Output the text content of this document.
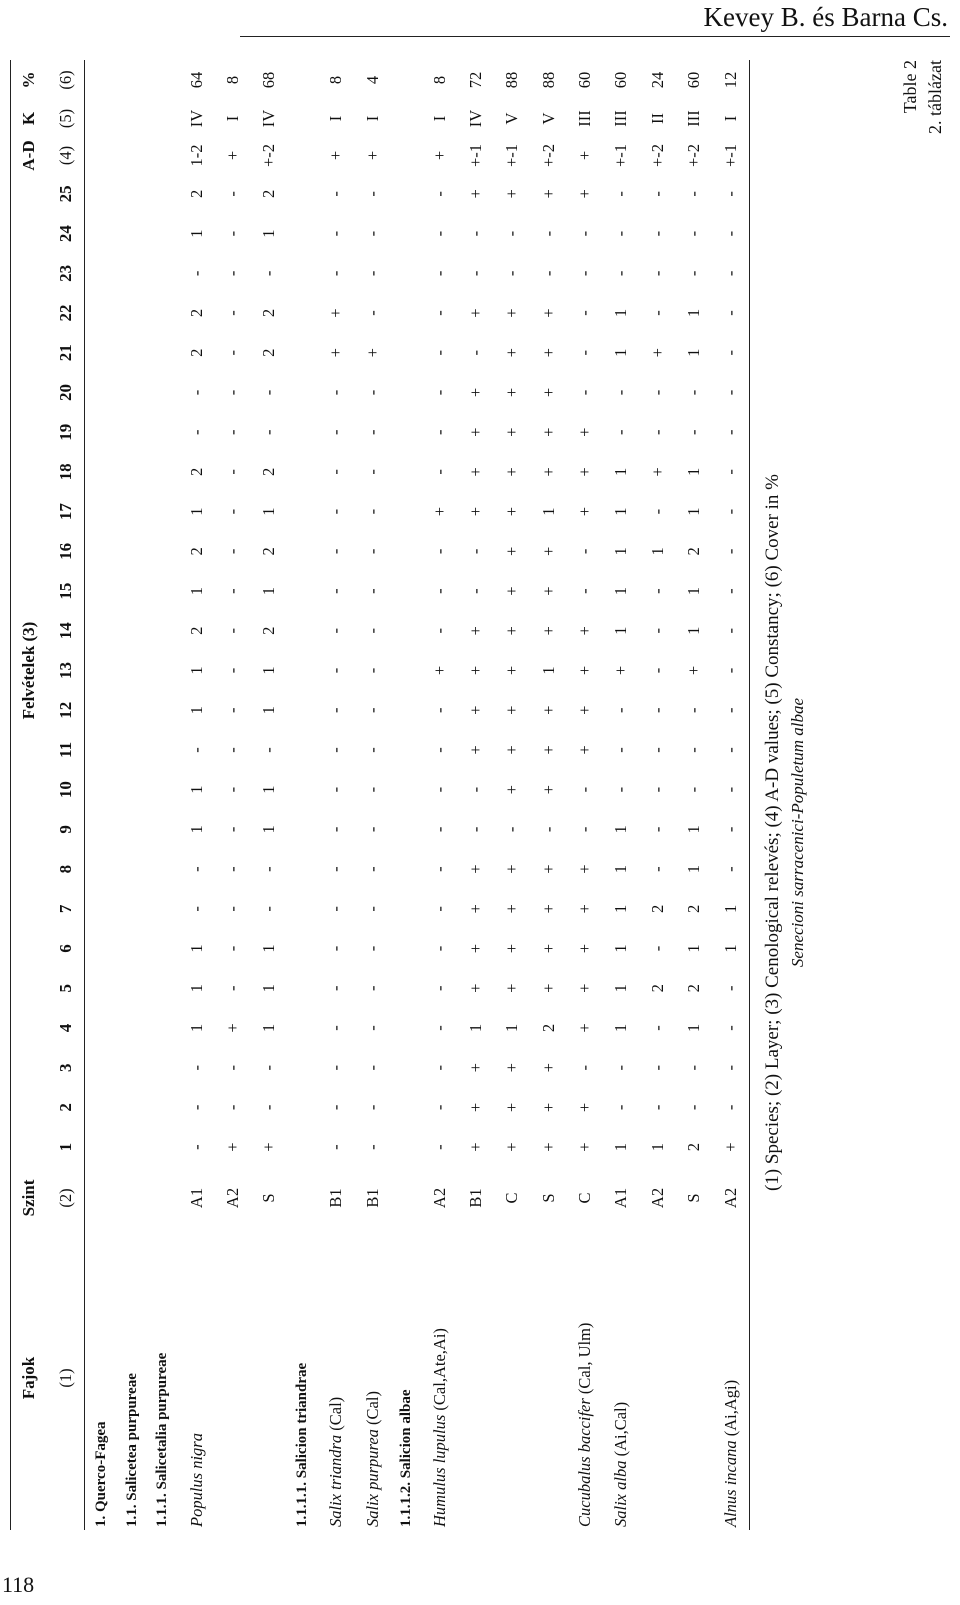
Kevey B. és Barna Cs.
118
2. táblázat
Table 2
Senecioni sarracenici-Populetum albae
(1) Species; (2) Layer; (3) Cenological relevés; (4) A-D values; (5) Constancy; (6) Cover in %
Fajok	Szint	Felvételek (3)																									A-D	K	%
(1)	(2)	1	2	3	4	5	6	7	8	9	10	11	12	13	14	15	16	17	18	19	20	21	22	23	24	25	(4)	(5)	(6)
1. Querco-Fagea																													
1.1. Salicetea purpureae																													
1.1.1. Salicetalia purpureae																													
Populus nigra	A1	-	-	-	1	1	1	-	-	1	1	-	1	1	2	1	2	1	2	-	-	2	2	-	1	2	1-2	IV	64
	A2	+	-	-	+	-	-	-	-	-	-	-	-	-	-	-	-	-	-	-	-	-	-	-	-	-	+	I	8
	S	+	-	-	1	1	1	-	-	1	1	-	1	1	2	1	2	1	2	-	-	2	2	-	1	2	+-2	IV	68
1.1.1.1. Salicion triandrae																													
Salix triandra (Cal)	B1	-	-	-	-	-	-	-	-	-	-	-	-	-	-	-	-	-	-	-	-	+	+	-	-	-	+	I	8
Salix purpurea (Cal)	B1	-	-	-	-	-	-	-	-	-	-	-	-	-	-	-	-	-	-	-	-	+	-	-	-	-	+	I	4
1.1.1.2. Salicion albae																													
Humulus lupulus (Cal,Ate,Ai)	A2	-	-	-	-	-	-	-	-	-	-	-	-	+	-	-	-	+	-	-	-	-	-	-	-	-	+	I	8
	B1	+	+	+	1	+	+	+	+	-	-	+	+	+	+	-	-	+	+	+	+	-	+	-	-	+	+-1	IV	72
	C	+	+	+	1	+	+	+	+	-	+	+	+	+	+	+	+	+	+	+	+	+	+	-	-	+	+-1	V	88
	S	+	+	+	2	+	+	+	+	-	+	+	+	1	+	+	+	1	+	+	+	+	+	-	-	+	+-2	V	88
Cucubalus baccifer (Cal, Ulm)	C	+	+	-	+	+	+	+	+	-	-	+	+	+	+	-	-	+	+	+	-	-	-	-	-	+	+	III	60
Salix alba (Ai,Cal)	A1	1	-	-	1	1	1	1	1	1	-	-	-	+	1	1	1	1	1	-	-	1	1	-	-	-	+-1	III	60
	A2	1	-	-	-	2	-	2	-	-	-	-	-	-	-	-	1	-	+	-	-	+	-	-	-	-	+-2	II	24
	S	2	-	-	1	2	1	2	1	1	-	-	-	+	1	1	2	1	1	-	-	1	1	-	-	-	+-2	III	60
Alnus incana (Ai,Agi)	A2	+	-	-	-	-	1	1	-	-	-	-	-	-	-	-	-	-	-	-	-	-	-	-	-	-	+-1	I	12
